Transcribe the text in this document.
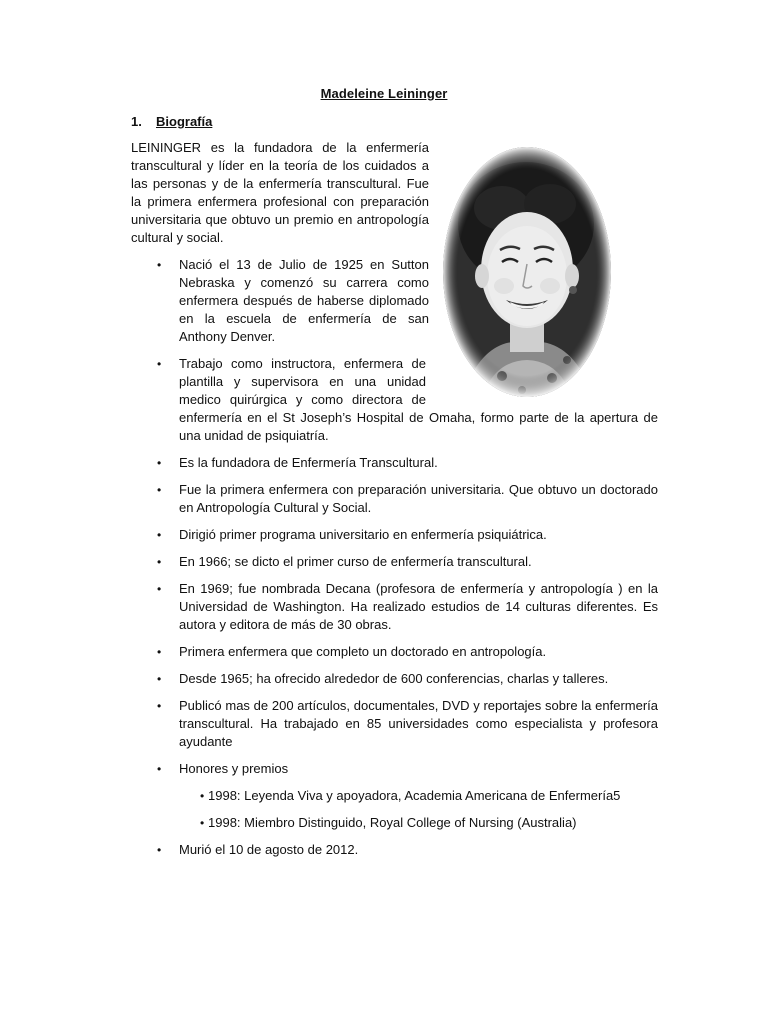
Madeleine Leininger
1. Biografía

LEININGER es la fundadora de la enfermería transcultural y líder en la teoría de los cuidados a las personas y de la enfermería transcultural. Fue la primera enfermera profesional con preparación universitaria que obtuvo un premio en antropología cultural y social.

• Nació el 13 de Julio de 1925 en Sutton Nebraska y comenzó su carrera como enfermera después de haberse diplomado en la escuela de enfermería de san Anthony Denver.
• Trabajo como instructora, enfermera de plantilla y supervisora en una unidad medico quirúrgica y como directora de enfermería en el St Joseph’s Hospital de Omaha, formo parte de la apertura de una unidad de psiquiatría.
• Es la fundadora de Enfermería Transcultural.
• Fue la primera enfermera con preparación universitaria. Que obtuvo un doctorado en Antropología Cultural y Social.
• Dirigió primer programa universitario en enfermería psiquiátrica.
• En 1966; se dicto el primer curso de enfermería transcultural.
• En 1969; fue nombrada Decana (profesora de enfermería y antropología ) en la Universidad de Washington. Ha realizado estudios de 14 culturas diferentes. Es autora y editora de más de 30 obras.
• Primera enfermera que completo un doctorado en antropología.
• Desde 1965; ha ofrecido alrededor de 600 conferencias, charlas y talleres.
• Publicó mas de 200 artículos, documentales, DVD y reportajes sobre la enfermería transcultural. Ha trabajado en 85 universidades como especialista y profesora ayudante
• Honores y premios
• 1998: Leyenda Viva y apoyadora, Academia Americana de Enfermería5
• 1998: Miembro Distinguido, Royal College of Nursing (Australia)
• Murió el 10 de agosto de 2012.
